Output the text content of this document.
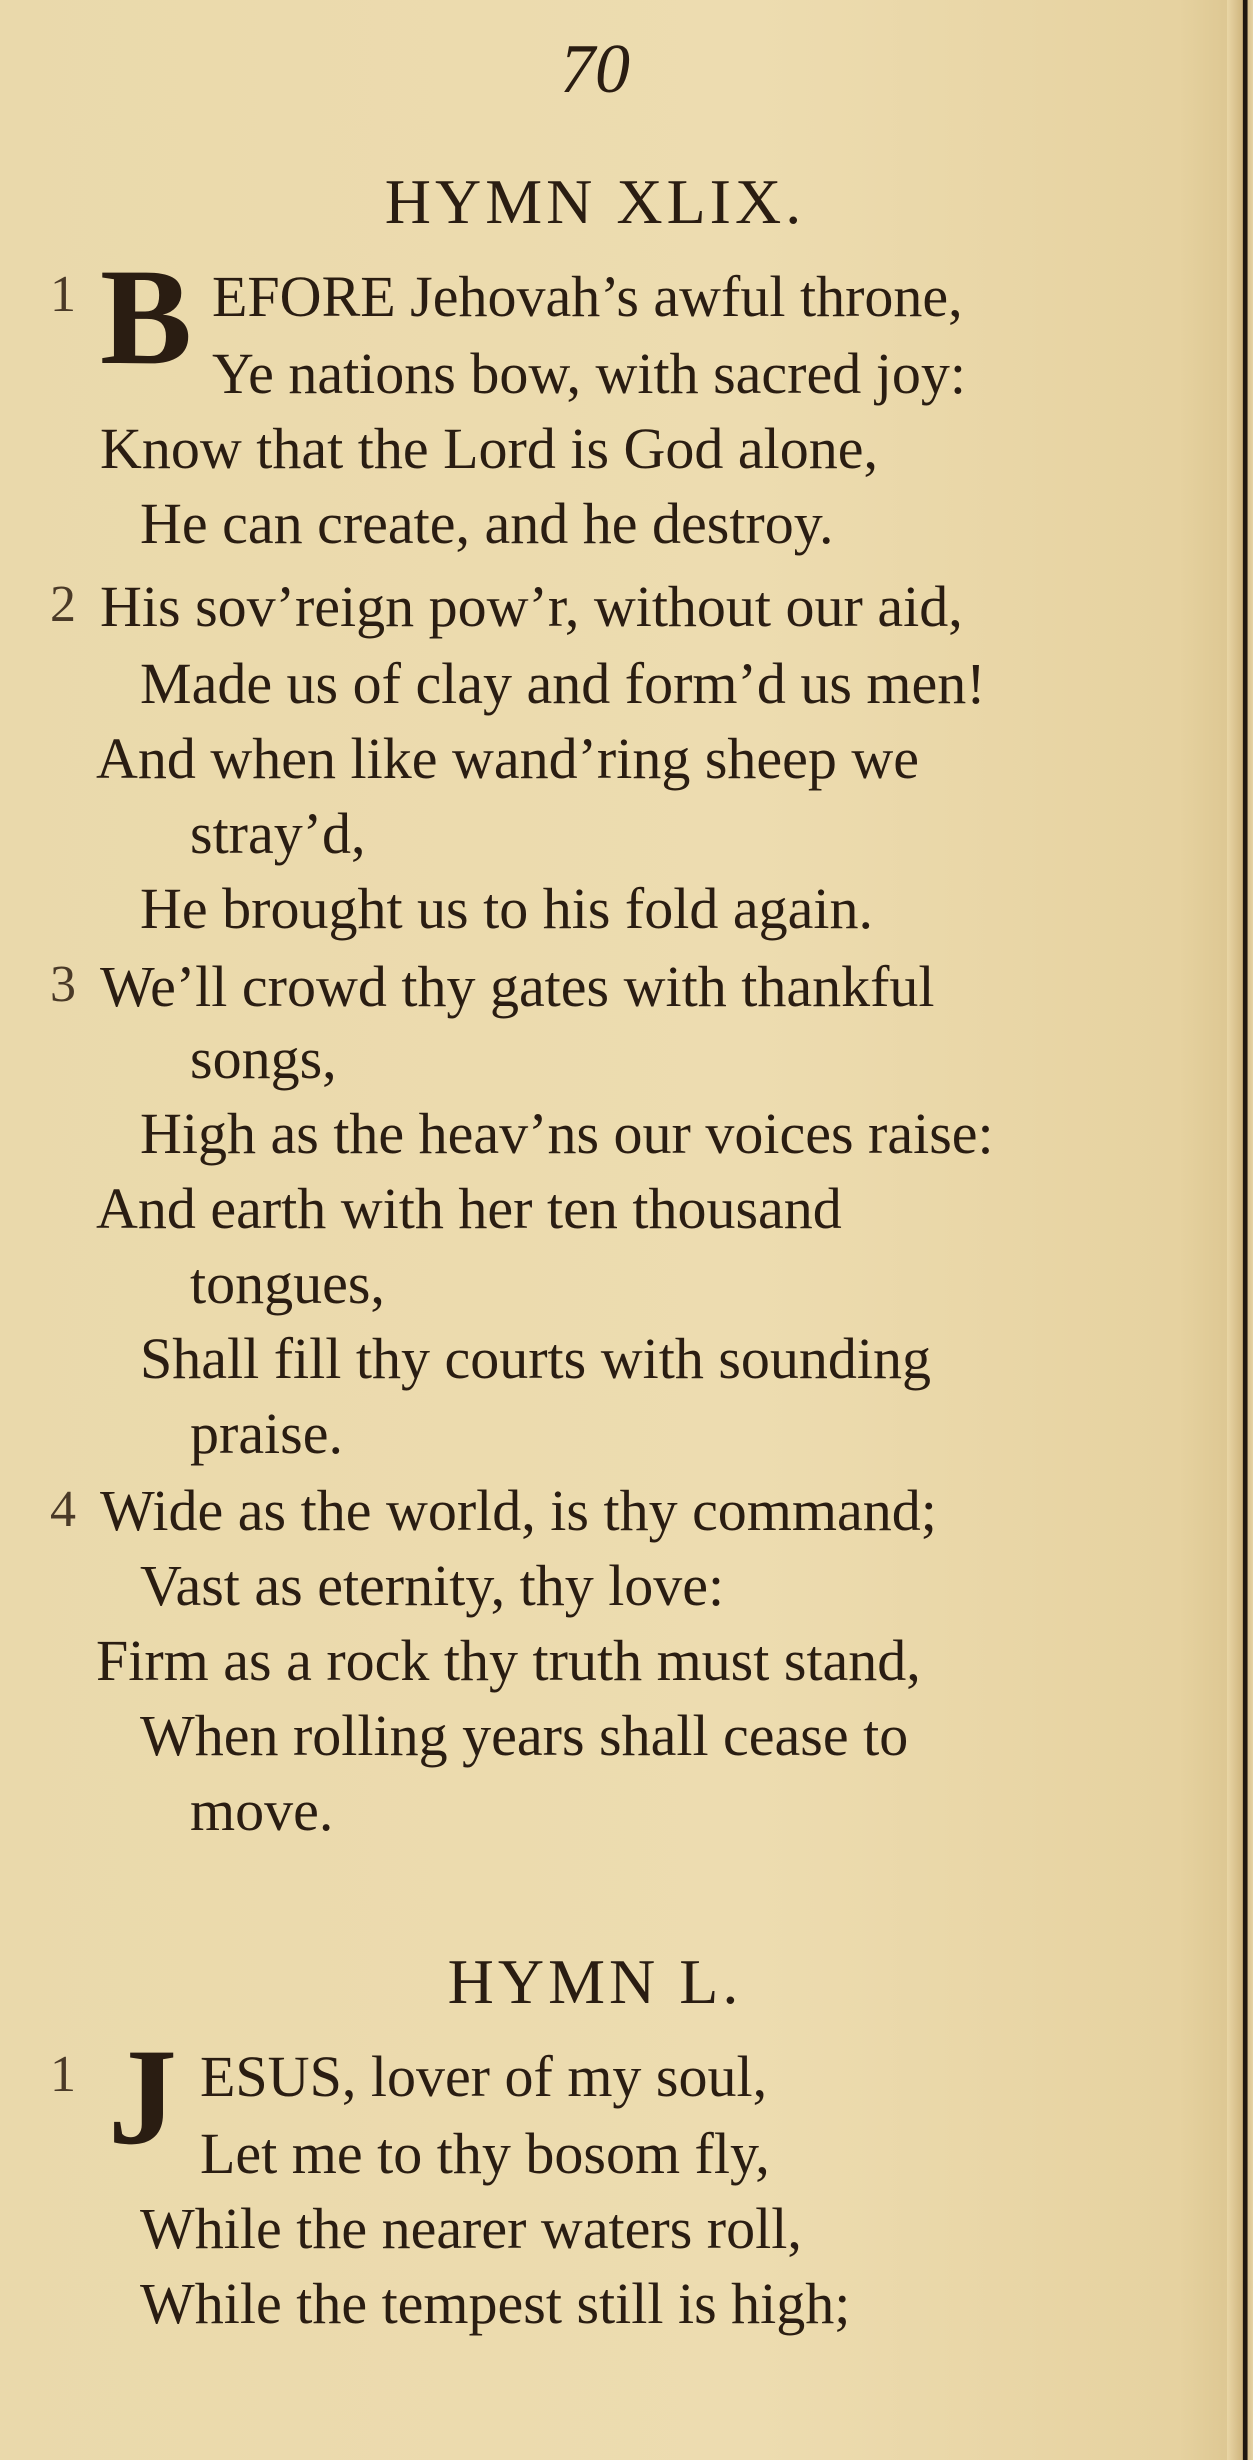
70
HYMN XLIX.
1 B EFORE Jehovah’s awful throne,
Ye nations bow, with sacred joy:
Know that the Lord is God alone,
He can create, and he destroy.
2 His sov’reign pow’r, without our aid,
Made us of clay and form’d us men!
And when like wand’ring sheep we
stray’d,
He brought us to his fold again.
3 We’ll crowd thy gates with thankful
songs,
High as the heav’ns our voices raise:
And earth with her ten thousand
tongues,
Shall fill thy courts with sounding
praise.
4 Wide as the world, is thy command;
Vast as eternity, thy love:
Firm as a rock thy truth must stand,
When rolling years shall cease to
move.
HYMN L.
1 J ESUS, lover of my soul,
Let me to thy bosom fly,
While the nearer waters roll,
While the tempest still is high;
